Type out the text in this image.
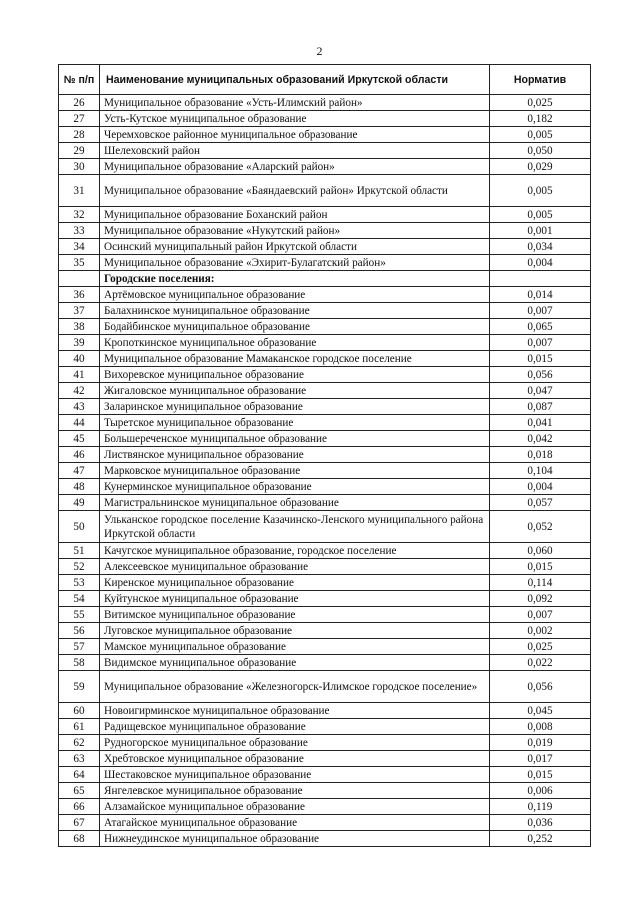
2
№ п/п	Наименование муниципальных образований Иркутской области	Норматив
26	Муниципальное образование «Усть-Илимский район»	0,025
27	Усть-Кутское муниципальное образование	0,182
28	Черемховское районное муниципальное образование	0,005
29	Шелеховский район	0,050
30	Муниципальное образование «Аларский район»	0,029
31	Муниципальное образование «Баяндаевский район» Иркутской области	0,005
32	Муниципальное образование Боханский район	0,005
33	Муниципальное образование «Нукутский район»	0,001
34	Осинский муниципальный район Иркутской области	0,034
35	Муниципальное образование «Эхирит-Булагатский район»	0,004
	Городские поселения:	
36	Артёмовское муниципальное образование	0,014
37	Балахнинское муниципальное образование	0,007
38	Бодайбинское муниципальное образование	0,065
39	Кропоткинское муниципальное образование	0,007
40	Муниципальное образование Мамаканское городское поселение	0,015
41	Вихоревское муниципальное образование	0,056
42	Жигаловское муниципальное образование	0,047
43	Заларинское муниципальное образование	0,087
44	Тыретское муниципальное образование	0,041
45	Большереченское муниципальное образование	0,042
46	Листвянское муниципальное образование	0,018
47	Марковское муниципальное образование	0,104
48	Кунерминское муниципальное образование	0,004
49	Магистральнинское муниципальное образование	0,057
50	Ульканское городское поселение Казачинско-Ленского муниципального района Иркутской области	0,052
51	Качугское муниципальное образование, городское поселение	0,060
52	Алексеевское муниципальное образование	0,015
53	Киренское муниципальное образование	0,114
54	Куйтунское муниципальное образование	0,092
55	Витимское муниципальное образование	0,007
56	Луговское муниципальное образование	0,002
57	Мамское муниципальное образование	0,025
58	Видимское муниципальное образование	0,022
59	Муниципальное образование «Железногорск-Илимское городское поселение»	0,056
60	Новоигирминское муниципальное образование	0,045
61	Радищевское муниципальное образование	0,008
62	Рудногорское муниципальное образование	0,019
63	Хребтовское муниципальное образование	0,017
64	Шестаковское муниципальное образование	0,015
65	Янгелевское муниципальное образование	0,006
66	Алзамайское муниципальное образование	0,119
67	Атагайское муниципальное образование	0,036
68	Нижнеудинское муниципальное образование	0,252
